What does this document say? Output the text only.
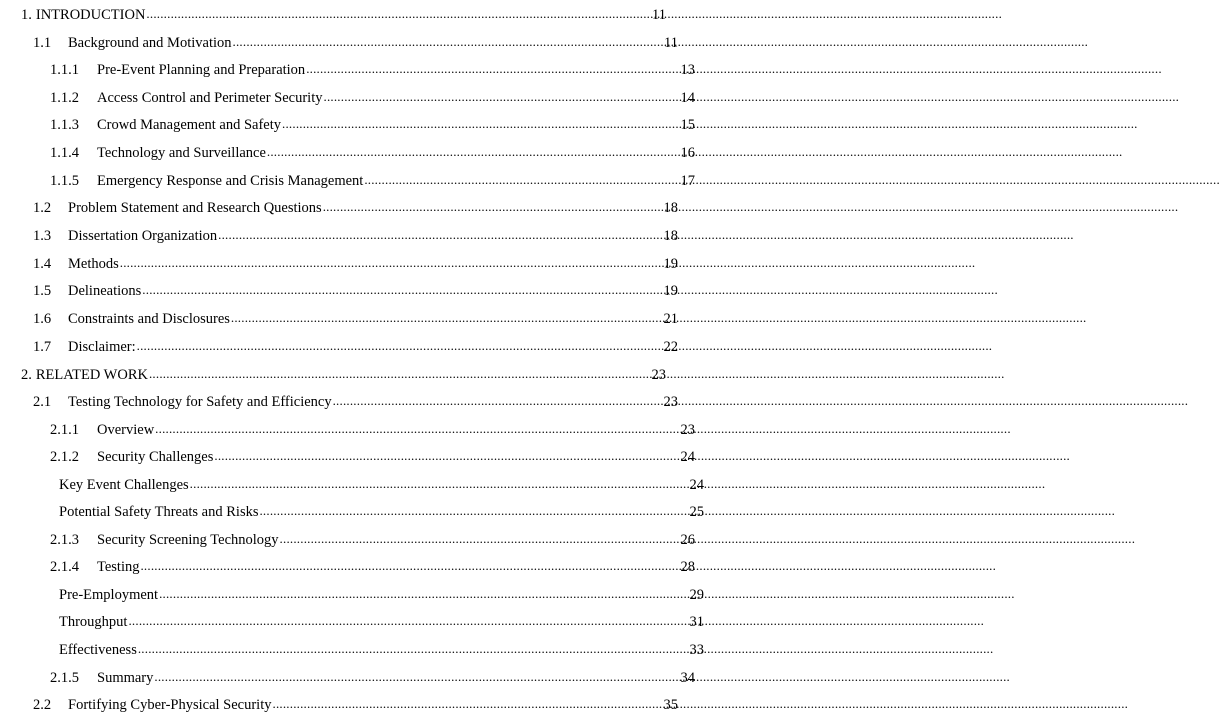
1. INTRODUCTION .....	11
1.1	Background and Motivation .....	11
1.1.1	Pre-Event Planning and Preparation .....	13
1.1.2	Access Control and Perimeter Security .....	14
1.1.3	Crowd Management and Safety .....	15
1.1.4	Technology and Surveillance .....	16
1.1.5	Emergency Response and Crisis Management .....	17
1.2	Problem Statement and Research Questions .....	18
1.3	Dissertation Organization .....	18
1.4	Methods .....	19
1.5	Delineations .....	19
1.6	Constraints and Disclosures .....	21
1.7	Disclaimer: .....	22
2. RELATED WORK .....	23
2.1	Testing Technology for Safety and Efficiency .....	23
2.1.1	Overview .....	23
2.1.2	Security Challenges .....	24
Key Event Challenges .....	24
Potential Safety Threats and Risks .....	25
2.1.3	Security Screening Technology .....	26
2.1.4	Testing .....	28
Pre-Employment .....	29
Throughput .....	31
Effectiveness .....	33
2.1.5	Summary .....	34
2.2	Fortifying Cyber-Physical Security .....	35
